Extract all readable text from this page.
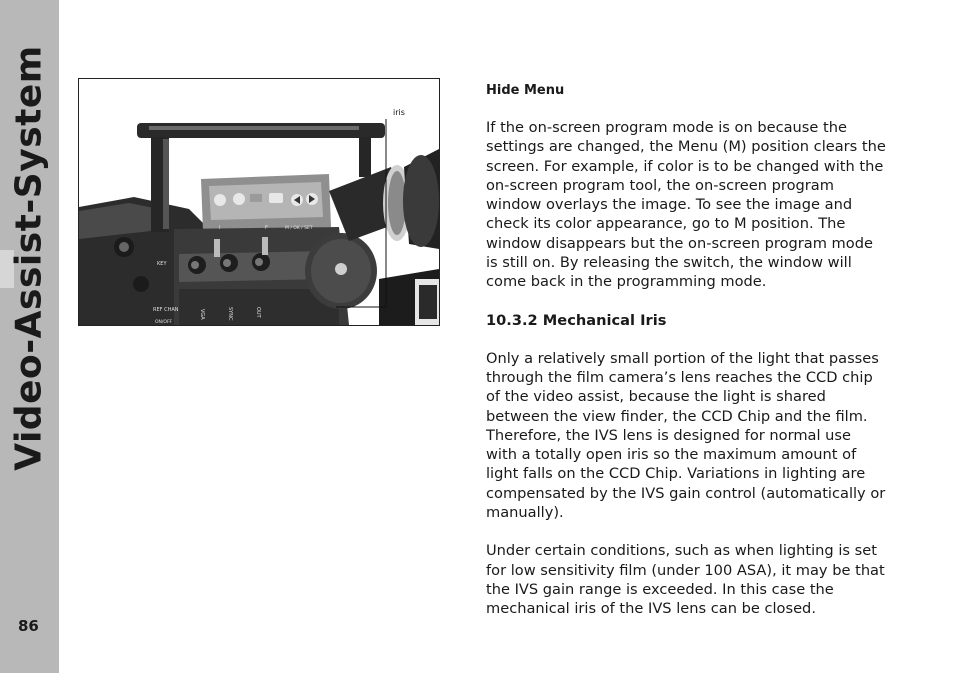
Video-Assist-System
86
iris
KEY
REF CHAN
ON/OFF
VGA	SYNC	OUT
I	F	M / OK / SET
Hide Menu

If the on-screen program mode is on because the settings are changed, the Menu (M) position clears the screen. For example, if color is to be changed with the on-screen program tool, the on-screen program window overlays the image. To see the image and check its color appearance, go to M position. The window disappears but the on-screen program mode is still on. By releasing the switch, the window will come back in the programming mode.

10.3.2 Mechanical Iris

Only a relatively small portion of the light that passes through the film camera’s lens reaches the CCD chip of the video assist, because the light is shared between the view finder, the CCD Chip and the film. Therefore, the IVS lens is designed for normal use with a totally open iris so the maximum amount of light falls on the CCD Chip. Variations in lighting are compensated by the IVS gain control (automatically or manually).

Under certain conditions, such as when lighting is set for low sensitivity film (under 100 ASA), it may be that the IVS gain range is exceeded. In this case the mechanical iris of the IVS lens can be closed.
